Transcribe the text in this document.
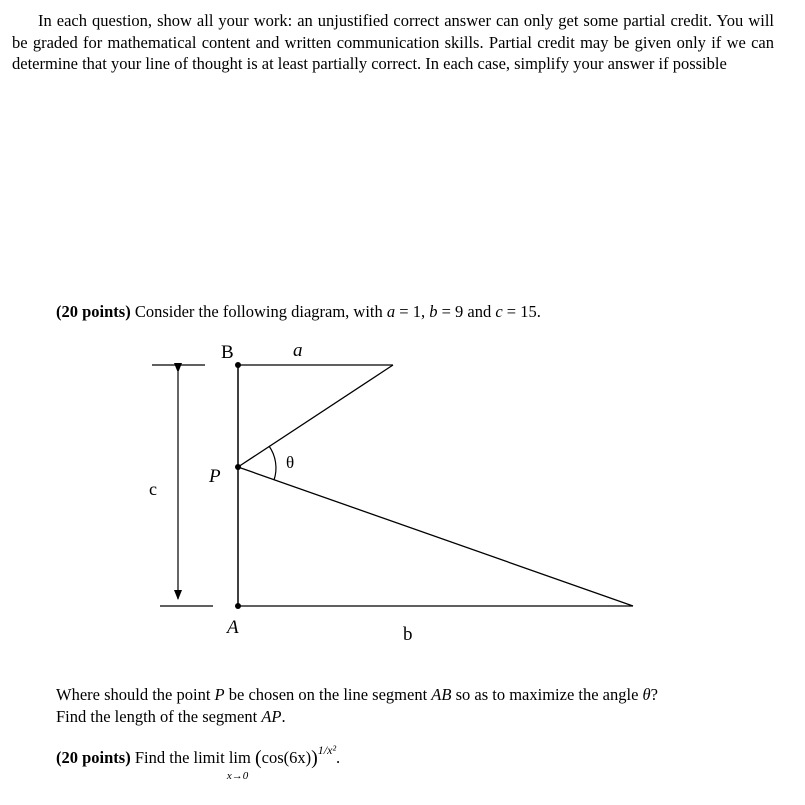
In each question, show all your work: an unjustified correct answer can only get some partial credit. You will be graded for mathematical content and written communication skills. Partial credit may be given only if we can determine that your line of thought is at least partially correct. In each case, simplify your answer if possible

(20 points) Consider the following diagram, with a = 1, b = 9 and c = 15.

B	a
P
θ
c
A	b

Where should the point P be chosen on the line segment AB so as to maximize the angle θ?
Find the length of the segment AP.

(20 points) Find the limit lim
x→0
$(\cos(6x))^{1/x^2}$.
